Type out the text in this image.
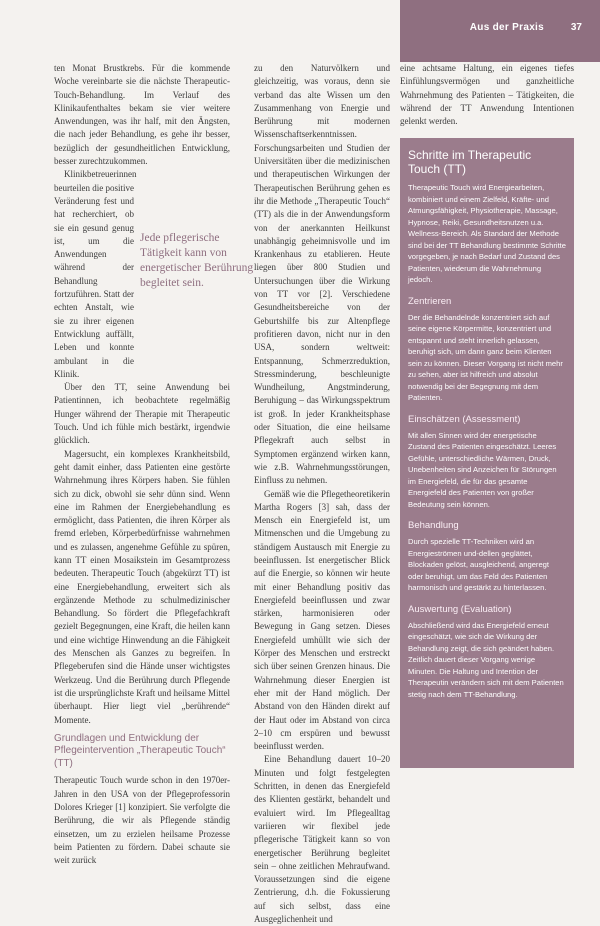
Aus der Praxis	37

ten Monat Brustkrebs. Für die kommende Woche vereinbarte sie die nächste Therapeutic-Touch-Behandlung. Im Verlauf des Klinikaufenthaltes bekam sie vier weitere Anwendungen, was ihr half, mit den Ängsten, die nach jeder Behandlung, es gehe ihr besser, bezüglich der gesundheitlichen Entwicklung, besser zurechtzukommen.

Klinikbetreuerinnen beurteilen die positive Veränderung fest und hat recherchiert, ob sie ein gesund genug ist, um die Anwendungen während der Behandlung fortzuführen. Statt der echten Anstalt, wie sie zu ihrer eigenen Entwicklung auffällt, Leben und konnte ambulant in die Klinik.

Über den TT, seine Anwendung bei Patientinnen, ich beobachtete regelmäßig Hunger während der Therapie mit Therapeutic Touch. Und ich fühle mich bestärkt, irgendwie glücklich.

Magersucht, ein komplexes Krankheitsbild, geht damit einher, dass Patienten eine gestörte Wahrnehmung ihres Körpers haben. Sie fühlen sich zu dick, obwohl sie sehr dünn sind. Wenn eine im Rahmen der Energiebehandlung es ermöglicht, dass Patienten, die ihren Körper als fremd erleben, Körperbedürfnisse wahrnehmen und es zulassen, angenehme Gefühle zu spüren, kann TT einen Mosaikstein im Gesamtprozess bedeuten. Therapeutic Touch (abgekürzt TT) ist eine Energiebehandlung, erweitert sich als ergänzende Methode zu schulmedizinischer Behandlung. So fördert die Pflegefachkraft gezielt Begegnungen, eine Kraft, die heilen kann und eine wichtige Hinwendung an die Fähigkeit des Menschen als Ganzes zu begreifen. In Pflegeberufen sind die Hände unser wichtigstes Werkzeug. Und die Berührung durch Pflegende ist die ursprünglichste Kraft und heilsame Mittel überhaupt. Hier liegt viel „berührende“ Momente.

Grundlagen und Entwicklung der Pflegeintervention „Therapeutic Touch“ (TT)

Therapeutic Touch wurde schon in den 1970er-Jahren in den USA von der Pflegeprofessorin Dolores Krieger [1] konzipiert. Sie verfolgte die Berührung, die wir als Pflegende ständig einsetzen, um zu erzielen heilsame Prozesse beim Patienten zu fördern. Dabei schaute sie weit zurück

Jede pflegerische Tätigkeit kann von energetischer Berührung begleitet sein.

zu den Naturvölkern und gleichzeitig, was voraus, denn sie verband das alte Wissen um den Zusammenhang von Energie und Berührung mit modernen Wissenschaftserkenntnissen. Forschungsarbeiten und Studien der Universitäten über die medizinischen und therapeutischen Wirkungen der Therapeutischen Berührung gehen es ihr die Methode „Therapeutic Touch“ (TT) als die in der Anwendungsform von der anerkannten Heilkunst unabhängig geheimnisvolle und im Krankenhaus zu etablieren. Heute liegen über 800 Studien und Untersuchungen über die Wirkung von TT vor [2]. Verschiedene Gesundheitsbereiche von der Geburtshilfe bis zur Altenpflege profitieren davon, nicht nur in den USA, sondern weltweit: Entspannung, Schmerzreduktion, Stressminderung, beschleunigte Wundheilung, Angstminderung, Beruhigung – das Wirkungsspektrum ist groß. In jeder Krankheitsphase oder Situation, die eine heilsame Pflegekraft auch selbst in Symptomen ergänzend wirken kann, wie z.B. Wahrnehmungsstörungen, Einfluss zu nehmen.

Gemäß wie die Pflegetheoretikerin Martha Rogers [3] sah, dass der Mensch ein Energiefeld ist, um Mitmenschen und die Umgebung zu ständigem Austausch mit Energie zu beeinflussen. Ist energetischer Blick auf die Energie, so können wir heute mit einer Behandlung positiv das Energiefeld beeinflussen und zwar stärken, harmonisieren oder Bewegung in Gang setzen. Dieses Energiefeld umhüllt wie sich der Körper des Menschen und erstreckt sich über seinen Grenzen hinaus. Die Wahrnehmung dieser Energien ist eher mit der Hand möglich. Der Abstand von den Händen direkt auf der Haut oder im Abstand von circa 2–10 cm erspüren und bewusst beeinflusst werden.

Eine Behandlung dauert 10–20 Minuten und folgt festgelegten Schritten, in denen das Energiefeld des Klienten gestärkt, behandelt und evaluiert wird. Im Pflegealltag variieren wir flexibel jede pflegerische Tätigkeit kann so von energetischer Berührung begleitet sein – ohne zeitlichen Mehraufwand. Voraussetzungen sind die eigene Zentrierung, d.h. die Fokussierung auf sich selbst, dass eine Ausgeglichenheit und

eine achtsame Haltung, ein eigenes tiefes Einfühlungsvermögen und ganzheitliche Wahrnehmung des Patienten – Tätigkeiten, die während der TT Anwendung Intentionen gelenkt werden.
Schritte im Therapeutic Touch (TT)
Therapeutic Touch wird Energiearbeiten, kombiniert und einem Zielfeld, Kräfte- und Atmungsfähigkeit, Physiotherapie, Massage, Hypnose, Reiki, Gesundheitsnutzen u.a. Wellness-Bereich. Als Standard der Methode sind bei der TT Behandlung bestimmte Schritte vorgegeben, je nach Bedarf und Zustand des Patienten, wiederum die Wahrnehmung jedoch.
Zentrieren
Der die Behandelnde konzentriert sich auf seine eigene Körpermitte, konzentriert und entspannt und steht innerlich gelassen, beruhigt sich, um dann ganz beim Klienten sein zu können. Dieser Vorgang ist nicht mehr zu sehen, aber ist hilfreich und absolut notwendig bei der Begegnung mit dem Patienten.
Einschätzen (Assessment)
Mit allen Sinnen wird der energetische Zustand des Patienten eingeschätzt. Leeres Gefühle, unterschiedliche Wärmen, Druck, Unebenheiten sind Anzeichen für Störungen im Energiefeld, die für das gesamte Energiefeld des Patienten von großer Bedeutung sein können.
Behandlung
Durch spezielle TT-Techniken wird an Energieströmen und-dellen geglättet, Blockaden gelöst, ausgleichend, angeregt oder beruhigt, um das Feld des Patienten harmonisch und gestärkt zu hinterlassen.
Auswertung (Evaluation)
Abschließend wird das Energiefeld erneut eingeschätzt, wie sich die Wirkung der Behandlung zeigt, die sich geändert haben. Zeitlich dauert dieser Vorgang wenige Minuten. Die Haltung und Intention der Therapeutin verändern sich mit dem Patienten stetig nach dem TT-Behandlung.
